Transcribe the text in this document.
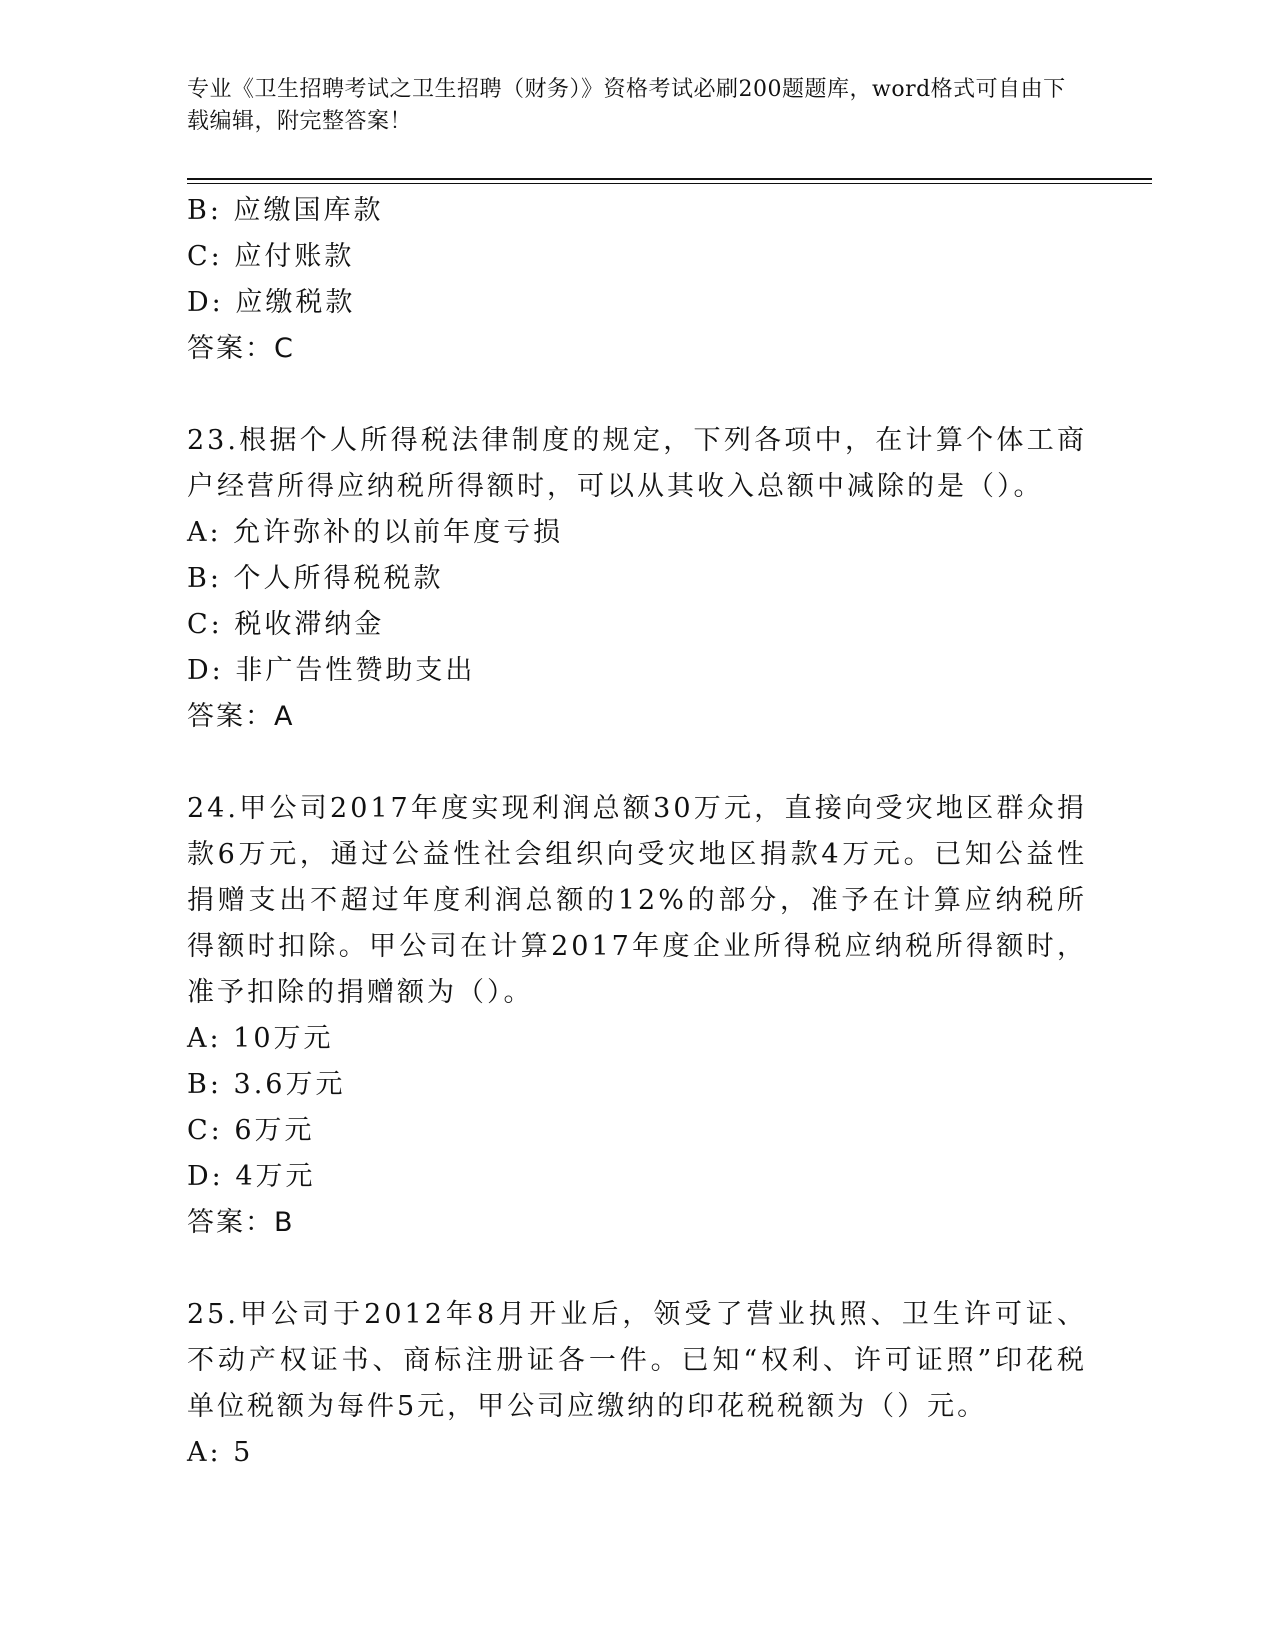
专业《卫生招聘考试之卫生招聘（财务）》资格考试必刷200题题库，word格式可自由下载编辑，附完整答案！
B: 应缴国库款
C: 应付账款
D: 应缴税款
答案：C
23.根据个人所得税法律制度的规定，下列各项中，在计算个体工商户经营所得应纳税所得额时，可以从其收入总额中减除的是（）。
A: 允许弥补的以前年度亏损
B: 个人所得税税款
C: 税收滞纳金
D: 非广告性赞助支出
答案：A
24.甲公司2017年度实现利润总额30万元，直接向受灾地区群众捐款6万元，通过公益性社会组织向受灾地区捐款4万元。已知公益性捐赠支出不超过年度利润总额的12%的部分，准予在计算应纳税所得额时扣除。甲公司在计算2017年度企业所得税应纳税所得额时，准予扣除的捐赠额为（）。
A: 10万元
B: 3.6万元
C: 6万元
D: 4万元
答案：B
25.甲公司于2012年8月开业后，领受了营业执照、卫生许可证、不动产权证书、商标注册证各一件。已知“权利、许可证照”印花税单位税额为每件5元，甲公司应缴纳的印花税税额为（）元。
A: 5
